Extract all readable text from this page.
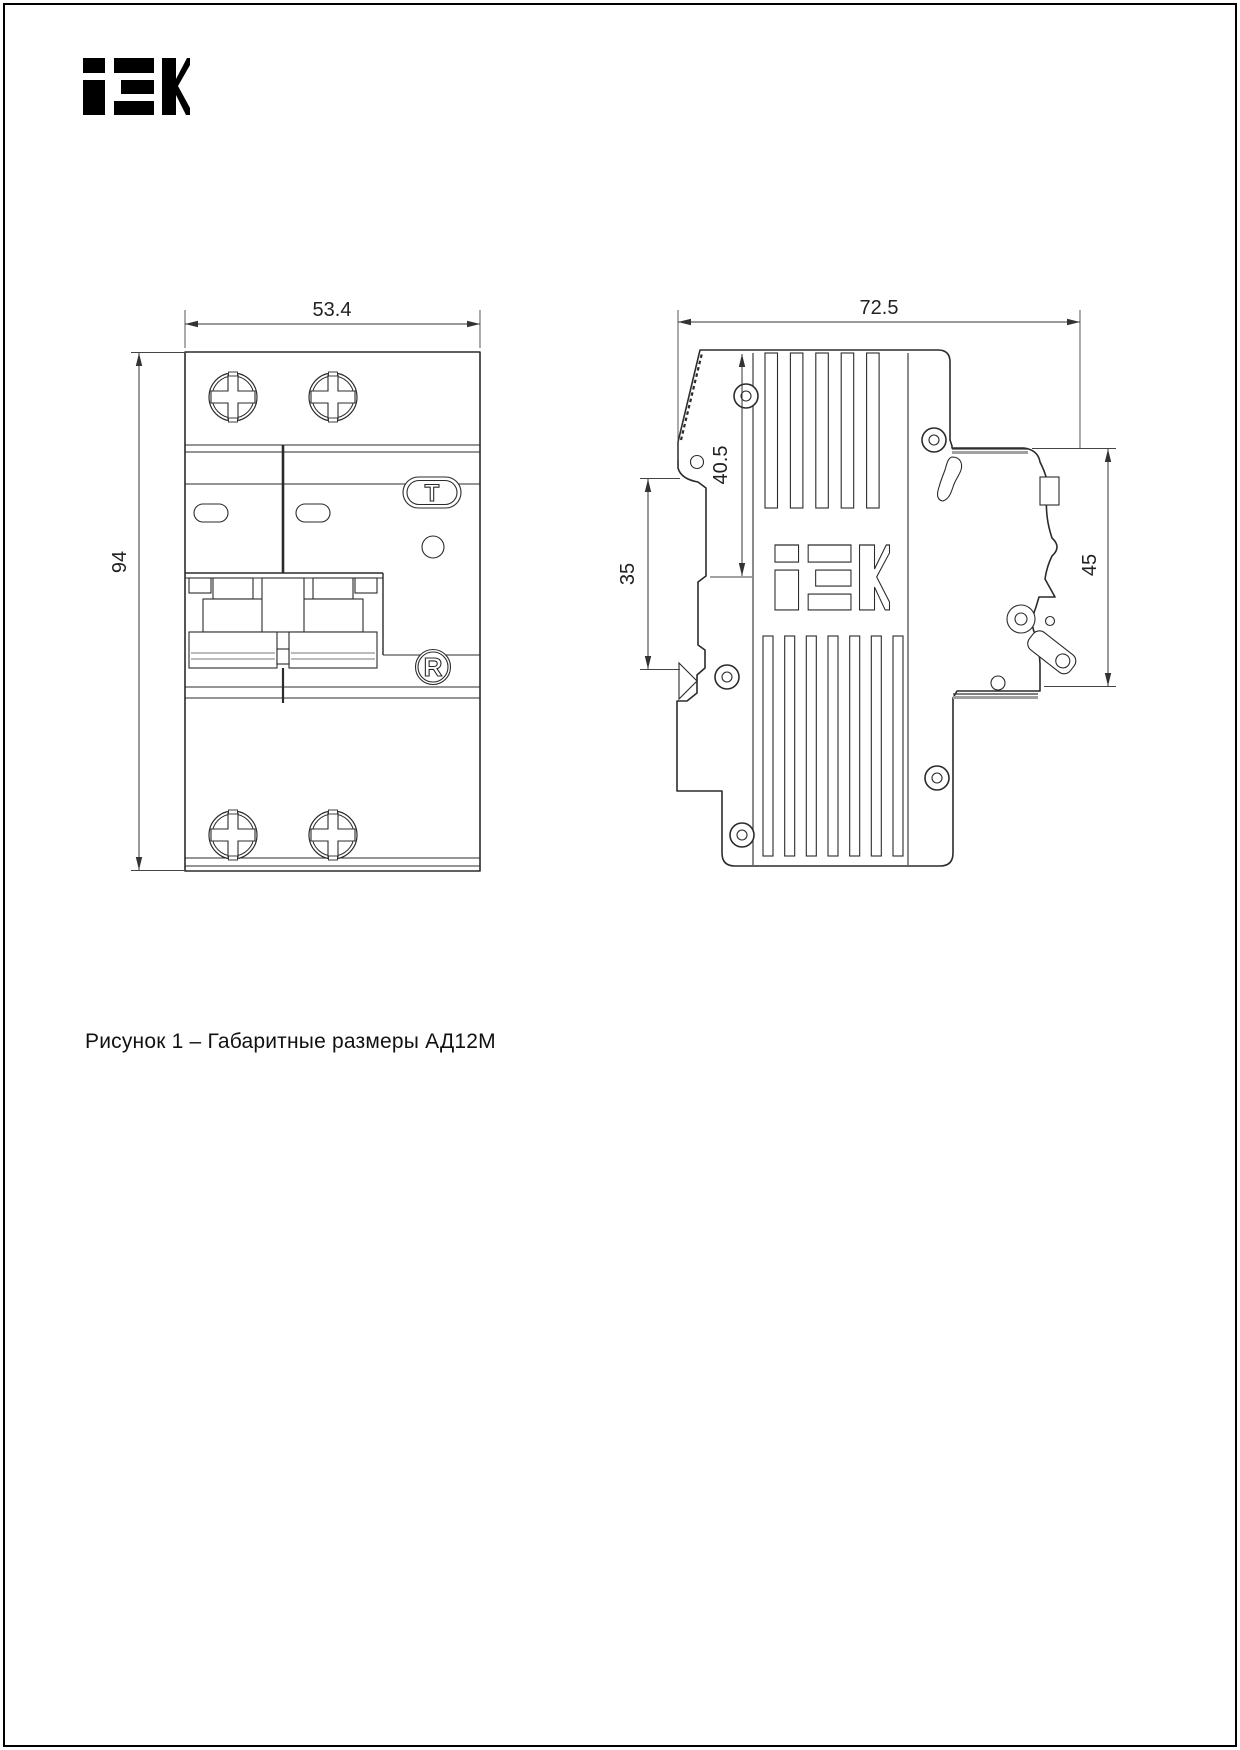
T
R
53.4
94
72.5
40.5
35	45
Рисунок 1 – Габаритные размеры АД12М
